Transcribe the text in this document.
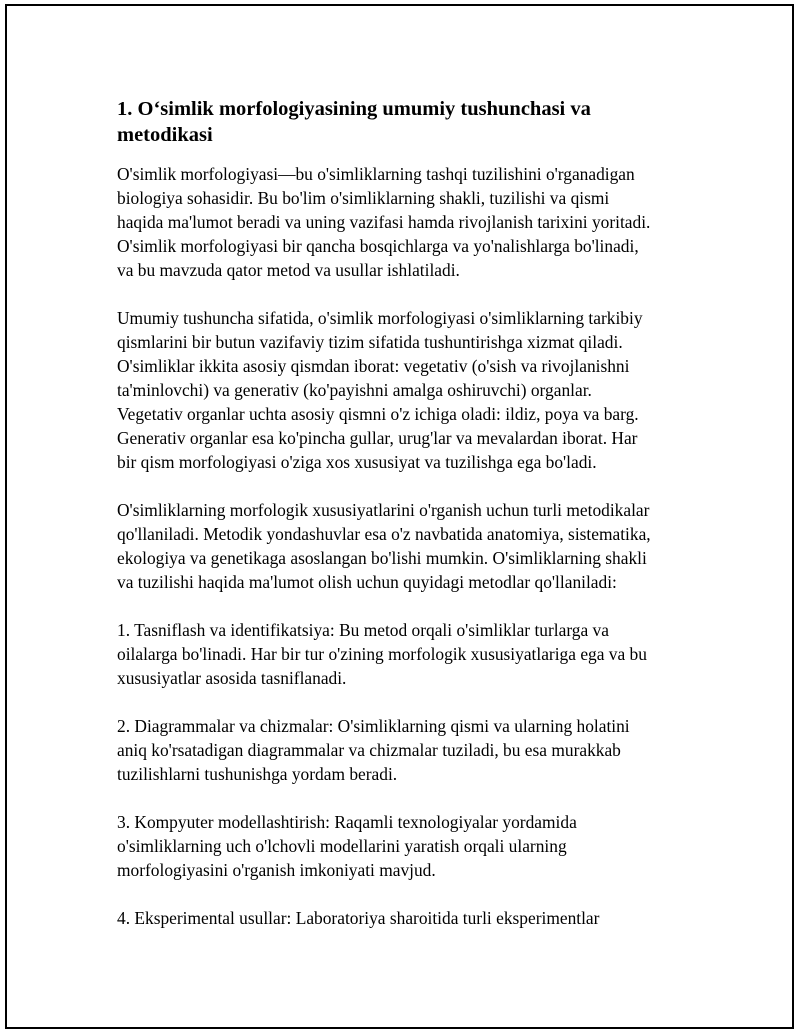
1. O‘simlik morfologiyasining umumiy tushunchasi va
metodikasi

O'simlik morfologiyasi—bu o'simliklarning tashqi tuzilishini o'rganadigan
biologiya sohasidir. Bu bo'lim o'simliklarning shakli, tuzilishi va qismi
haqida ma'lumot beradi va uning vazifasi hamda rivojlanish tarixini yoritadi.
O'simlik morfologiyasi bir qancha bosqichlarga va yo'nalishlarga bo'linadi,
va bu mavzuda qator metod va usullar ishlatiladi.

Umumiy tushuncha sifatida, o'simlik morfologiyasi o'simliklarning tarkibiy
qismlarini bir butun vazifaviy tizim sifatida tushuntirishga xizmat qiladi.
O'simliklar ikkita asosiy qismdan iborat: vegetativ (o'sish va rivojlanishni
ta'minlovchi) va generativ (ko'payishni amalga oshiruvchi) organlar.
Vegetativ organlar uchta asosiy qismni o'z ichiga oladi: ildiz, poya va barg.
Generativ organlar esa ko'pincha gullar, urug'lar va mevalardan iborat. Har
bir qism morfologiyasi o'ziga xos xususiyat va tuzilishga ega bo'ladi.

O'simliklarning morfologik xususiyatlarini o'rganish uchun turli metodikalar
qo'llaniladi. Metodik yondashuvlar esa o'z navbatida anatomiya, sistematika,
ekologiya va genetikaga asoslangan bo'lishi mumkin. O'simliklarning shakli
va tuzilishi haqida ma'lumot olish uchun quyidagi metodlar qo'llaniladi:

1. Tasniflash va identifikatsiya: Bu metod orqali o'simliklar turlarga va
oilalarga bo'linadi. Har bir tur o'zining morfologik xususiyatlariga ega va bu
xususiyatlar asosida tasniflanadi.

2. Diagrammalar va chizmalar: O'simliklarning qismi va ularning holatini
aniq ko'rsatadigan diagrammalar va chizmalar tuziladi, bu esa murakkab
tuzilishlarni tushunishga yordam beradi.

3. Kompyuter modellashtirish: Raqamli texnologiyalar yordamida
o'simliklarning uch o'lchovli modellarini yaratish orqali ularning
morfologiyasini o'rganish imkoniyati mavjud.

4. Eksperimental usullar: Laboratoriya sharoitida turli eksperimentlar
